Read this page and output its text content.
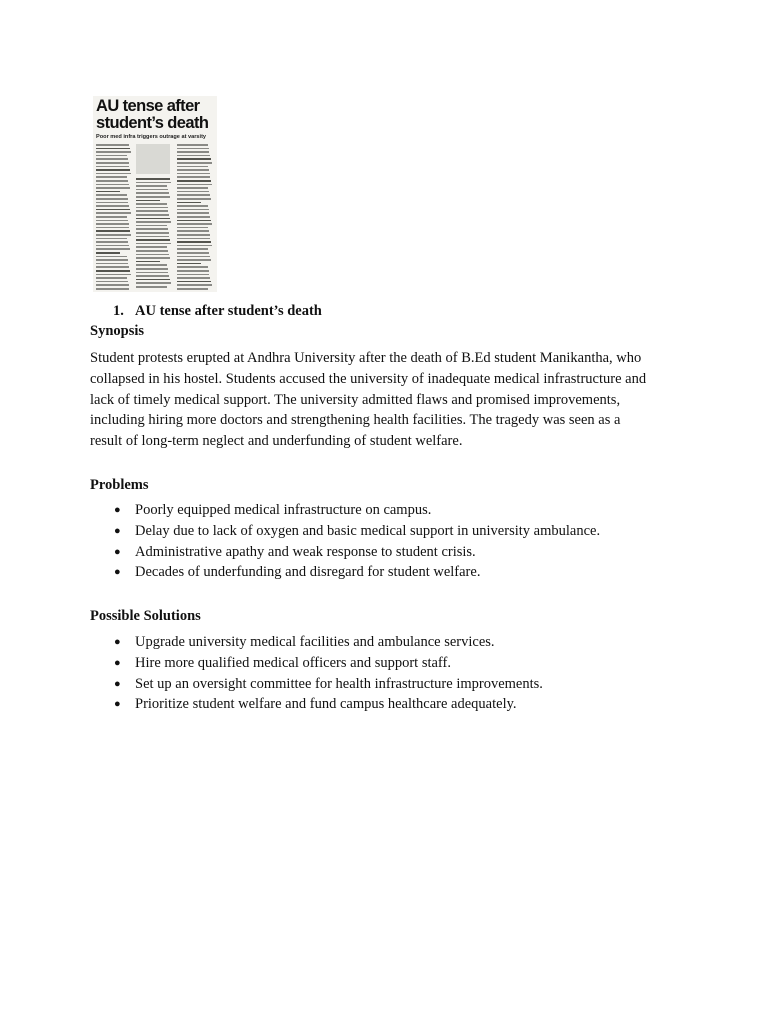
AU tense after
student’s death
Poor med infra triggers outrage at varsity
1. AU tense after student’s death
Synopsis
Student protests erupted at Andhra University after the death of B.Ed student Manikantha, who
collapsed in his hostel. Students accused the university of inadequate medical infrastructure and
lack of timely medical support. The university admitted flaws and promised improvements,
including hiring more doctors and strengthening health facilities. The tragedy was seen as a
result of long-term neglect and underfunding of student welfare.
Problems
● Poorly equipped medical infrastructure on campus.
● Delay due to lack of oxygen and basic medical support in university ambulance.
● Administrative apathy and weak response to student crisis.
● Decades of underfunding and disregard for student welfare.
Possible Solutions
● Upgrade university medical facilities and ambulance services.
● Hire more qualified medical officers and support staff.
● Set up an oversight committee for health infrastructure improvements.
● Prioritize student welfare and fund campus healthcare adequately.
